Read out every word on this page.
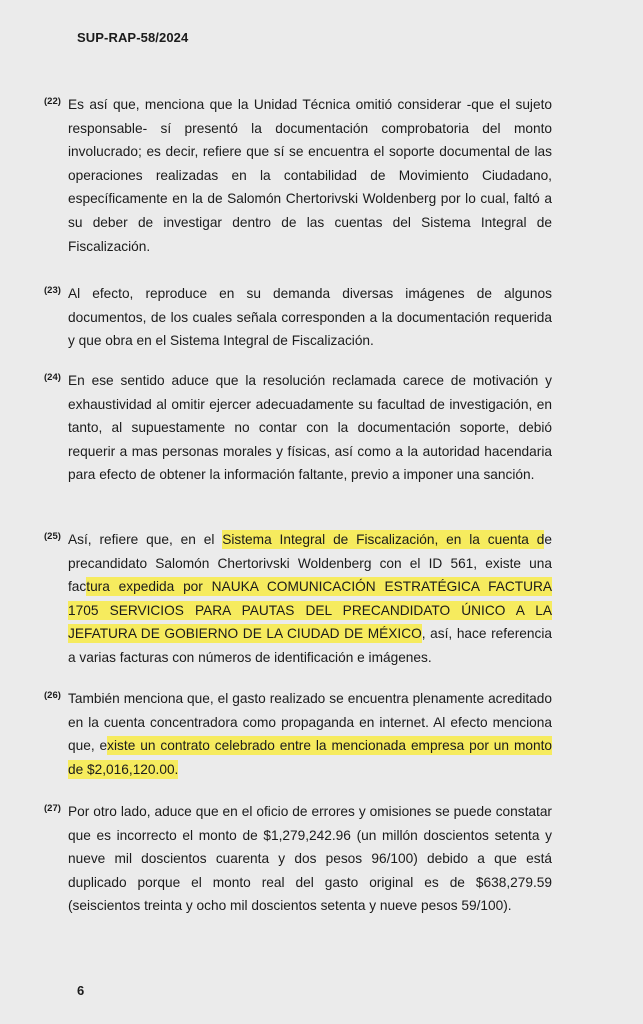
SUP-RAP-58/2024
(22) Es así que, menciona que la Unidad Técnica omitió considerar -que el sujeto responsable- sí presentó la documentación comprobatoria del monto involucrado; es decir, refiere que sí se encuentra el soporte documental de las operaciones realizadas en la contabilidad de Movimiento Ciudadano, específicamente en la de Salomón Chertorivski Woldenberg por lo cual, faltó a su deber de investigar dentro de las cuentas del Sistema Integral de Fiscalización.
(23) Al efecto, reproduce en su demanda diversas imágenes de algunos documentos, de los cuales señala corresponden a la documentación requerida y que obra en el Sistema Integral de Fiscalización.
(24) En ese sentido aduce que la resolución reclamada carece de motivación y exhaustividad al omitir ejercer adecuadamente su facultad de investigación, en tanto, al supuestamente no contar con la documentación soporte, debió requerir a mas personas morales y físicas, así como a la autoridad hacendaria para efecto de obtener la información faltante, previo a imponer una sanción.
(25) Así, refiere que, en el Sistema Integral de Fiscalización, en la cuenta de precandidato Salomón Chertorivski Woldenberg con el ID 561, existe una factura expedida por NAUKA COMUNICACIÓN ESTRATÉGICA FACTURA 1705 SERVICIOS PARA PAUTAS DEL PRECANDIDATO ÚNICO A LA JEFATURA DE GOBIERNO DE LA CIUDAD DE MÉXICO, así, hace referencia a varias facturas con números de identificación e imágenes.
(26) También menciona que, el gasto realizado se encuentra plenamente acreditado en la cuenta concentradora como propaganda en internet. Al efecto menciona que, existe un contrato celebrado entre la mencionada empresa por un monto de $2,016,120.00.
(27) Por otro lado, aduce que en el oficio de errores y omisiones se puede constatar que es incorrecto el monto de $1,279,242.96 (un millón doscientos setenta y nueve mil doscientos cuarenta y dos pesos 96/100) debido a que está duplicado porque el monto real del gasto original es de $638,279.59 (seiscientos treinta y ocho mil doscientos setenta y nueve pesos 59/100).
6
